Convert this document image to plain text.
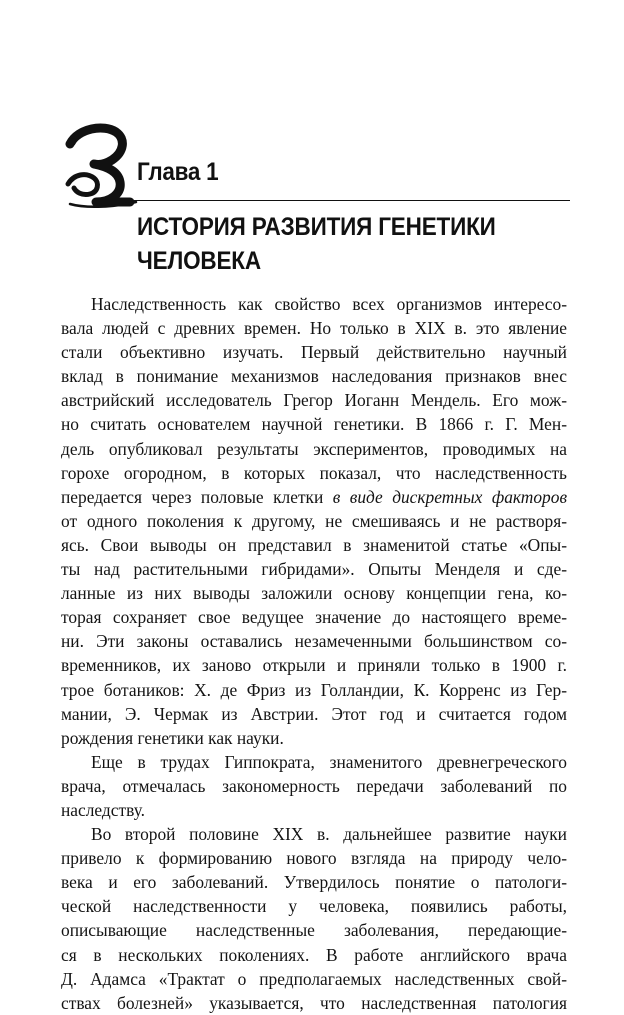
Глава 1
ИСТОРИЯ РАЗВИТИЯ ГЕНЕТИКИ
ЧЕЛОВЕКА
Наследственность как свойство всех организмов интересо-
вала людей с древних времен. Но только в XIX в. это явление
стали объективно изучать. Первый действительно научный
вклад в понимание механизмов наследования признаков внес
австрийский исследователь Грегор Иоганн Мендель. Его мож-
но считать основателем научной генетики. В 1866 г. Г. Мен-
дель опубликовал результаты экспериментов, проводимых на
горохе огородном, в которых показал, что наследственность
передается через половые клетки в виде дискретных факторов
от одного поколения к другому, не смешиваясь и не растворя-
ясь. Свои выводы он представил в знаменитой статье «Опы-
ты над растительными гибридами». Опыты Менделя и сде-
ланные из них выводы заложили основу концепции гена, ко-
торая сохраняет свое ведущее значение до настоящего време-
ни. Эти законы оставались незамеченными большинством со-
временников, их заново открыли и приняли только в 1900 г.
трое ботаников: Х. де Фриз из Голландии, К. Корренс из Гер-
мании, Э. Чермак из Австрии. Этот год и считается годом
рождения генетики как науки.
Еще в трудах Гиппократа, знаменитого древнегреческого
врача, отмечалась закономерность передачи заболеваний по
наследству.
Во второй половине XIX в. дальнейшее развитие науки
привело к формированию нового взгляда на природу чело-
века и его заболеваний. Утвердилось понятие о патологи-
ческой наследственности у человека, появились работы,
описывающие наследственные заболевания, передающие-
ся в нескольких поколениях. В работе английского врача
Д. Адамса «Трактат о предполагаемых наследственных свой-
ствах болезней» указывается, что наследственная патология
